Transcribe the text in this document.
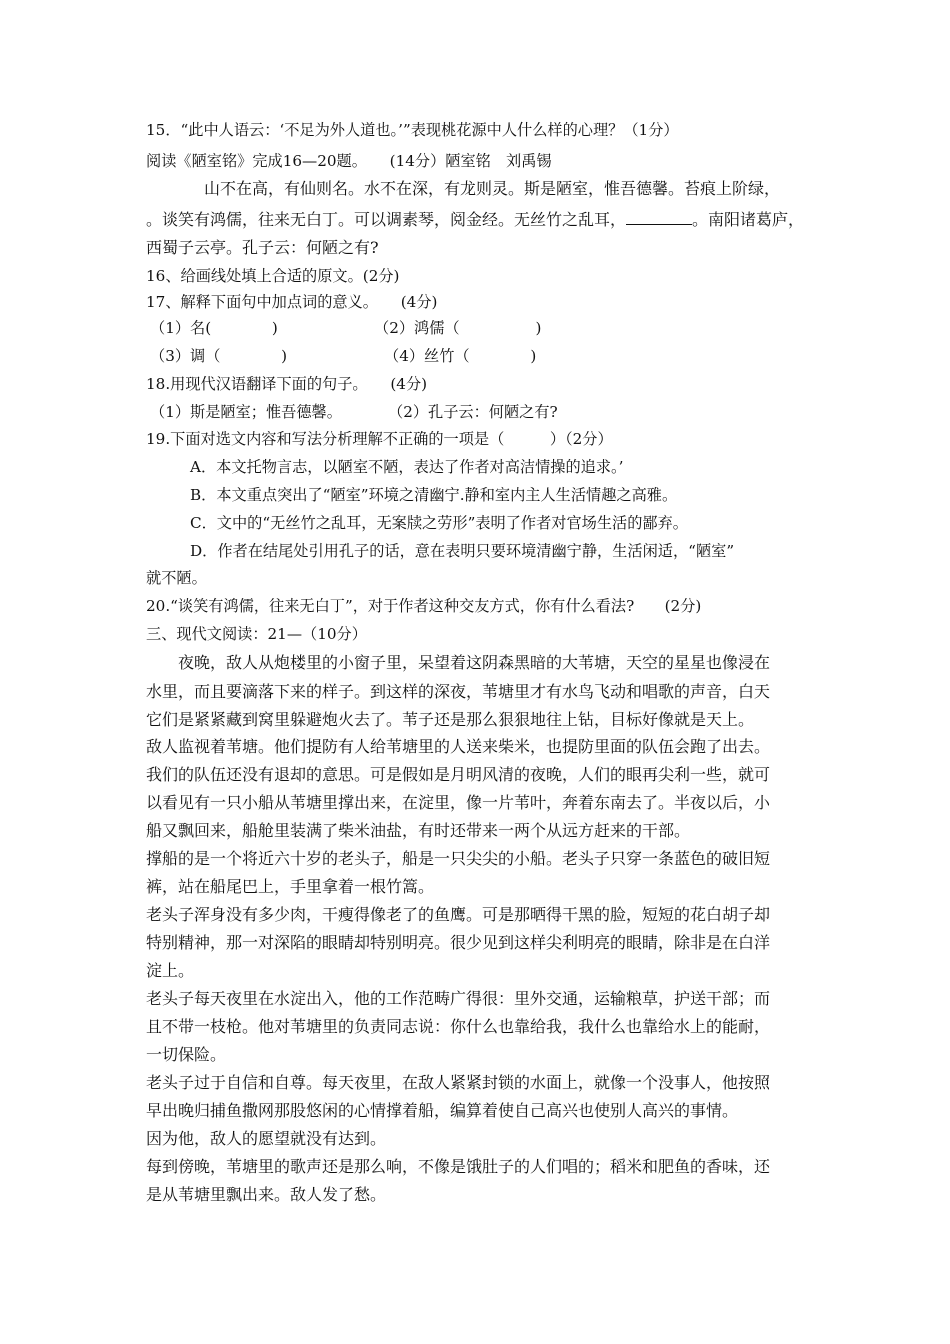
15．“此中人语云：‘不足为外人道也。’”表现桃花源中人什么样的心理？（1分）
阅读《陋室铭》完成16—20题。　　(14分）陋室铭　刘禹锡
山不在高，有仙则名。水不在深，有龙则灵。斯是陋室，惟吾德馨。苔痕上阶绿，
。谈笑有鸿儒，往来无白丁。可以调素琴，阅金经。无丝竹之乱耳，	。南阳诸葛庐，
西蜀子云亭。孔子云：何陋之有?
16、给画线处填上合适的原文。(2分)
17、解释下面句中加点词的意义。　　(4分)
（1）名(　　　　)	（2）鸿儒（　　　　　)
（3）调（　　　　)	（4）丝竹（　　　　)
18.用现代汉语翻译下面的句子。　　(4分)
（1）斯是陋室；惟吾德馨。	（2）孔子云：何陋之有?
19.下面对选文内容和写法分析理解不正确的一项是（　　　）（2分）
A．本文托物言志，以陋室不陋，表达了作者对高洁情操的追求。’
B．本文重点突出了“陋室”环境之清幽宁.静和室内主人生活情趣之高雅。
C．文中的“无丝竹之乱耳，无案牍之劳形”表明了作者对官场生活的鄙弃。
D．作者在结尾处引用孔子的话，意在表明只要环境清幽宁静，生活闲适，“陋室”
就不陋。
20.“谈笑有鸿儒，往来无白丁”，对于作者这种交友方式，你有什么看法?　　(2分)
三、现代文阅读：21—（10分）
夜晚，敌人从炮楼里的小窗子里，呆望着这阴森黑暗的大苇塘，天空的星星也像浸在
水里，而且要滴落下来的样子。到这样的深夜，苇塘里才有水鸟飞动和唱歌的声音，白天
它们是紧紧藏到窝里躲避炮火去了。苇子还是那么狠狠地往上钻，目标好像就是天上。
敌人监视着苇塘。他们提防有人给苇塘里的人送来柴米，也提防里面的队伍会跑了出去。
我们的队伍还没有退却的意思。可是假如是月明风清的夜晚，人们的眼再尖利一些，就可
以看见有一只小船从苇塘里撑出来，在淀里，像一片苇叶，奔着东南去了。半夜以后，小
船又飘回来，船舱里装满了柴米油盐，有时还带来一两个从远方赶来的干部。
撑船的是一个将近六十岁的老头子，船是一只尖尖的小船。老头子只穿一条蓝色的破旧短
裤，站在船尾巴上，手里拿着一根竹篙。
老头子浑身没有多少肉，干瘦得像老了的鱼鹰。可是那晒得干黑的脸，短短的花白胡子却
特别精神，那一对深陷的眼睛却特别明亮。很少见到这样尖利明亮的眼睛，除非是在白洋
淀上。
老头子每天夜里在水淀出入，他的工作范畴广得很：里外交通，运输粮草，护送干部；而
且不带一枝枪。他对苇塘里的负责同志说：你什么也靠给我，我什么也靠给水上的能耐，
一切保险。
老头子过于自信和自尊。每天夜里，在敌人紧紧封锁的水面上，就像一个没事人，他按照
早出晚归捕鱼撒网那股悠闲的心情撑着船，编算着使自己高兴也使别人高兴的事情。
因为他，敌人的愿望就没有达到。
每到傍晚，苇塘里的歌声还是那么响，不像是饿肚子的人们唱的；稻米和肥鱼的香味，还
是从苇塘里飘出来。敌人发了愁。
